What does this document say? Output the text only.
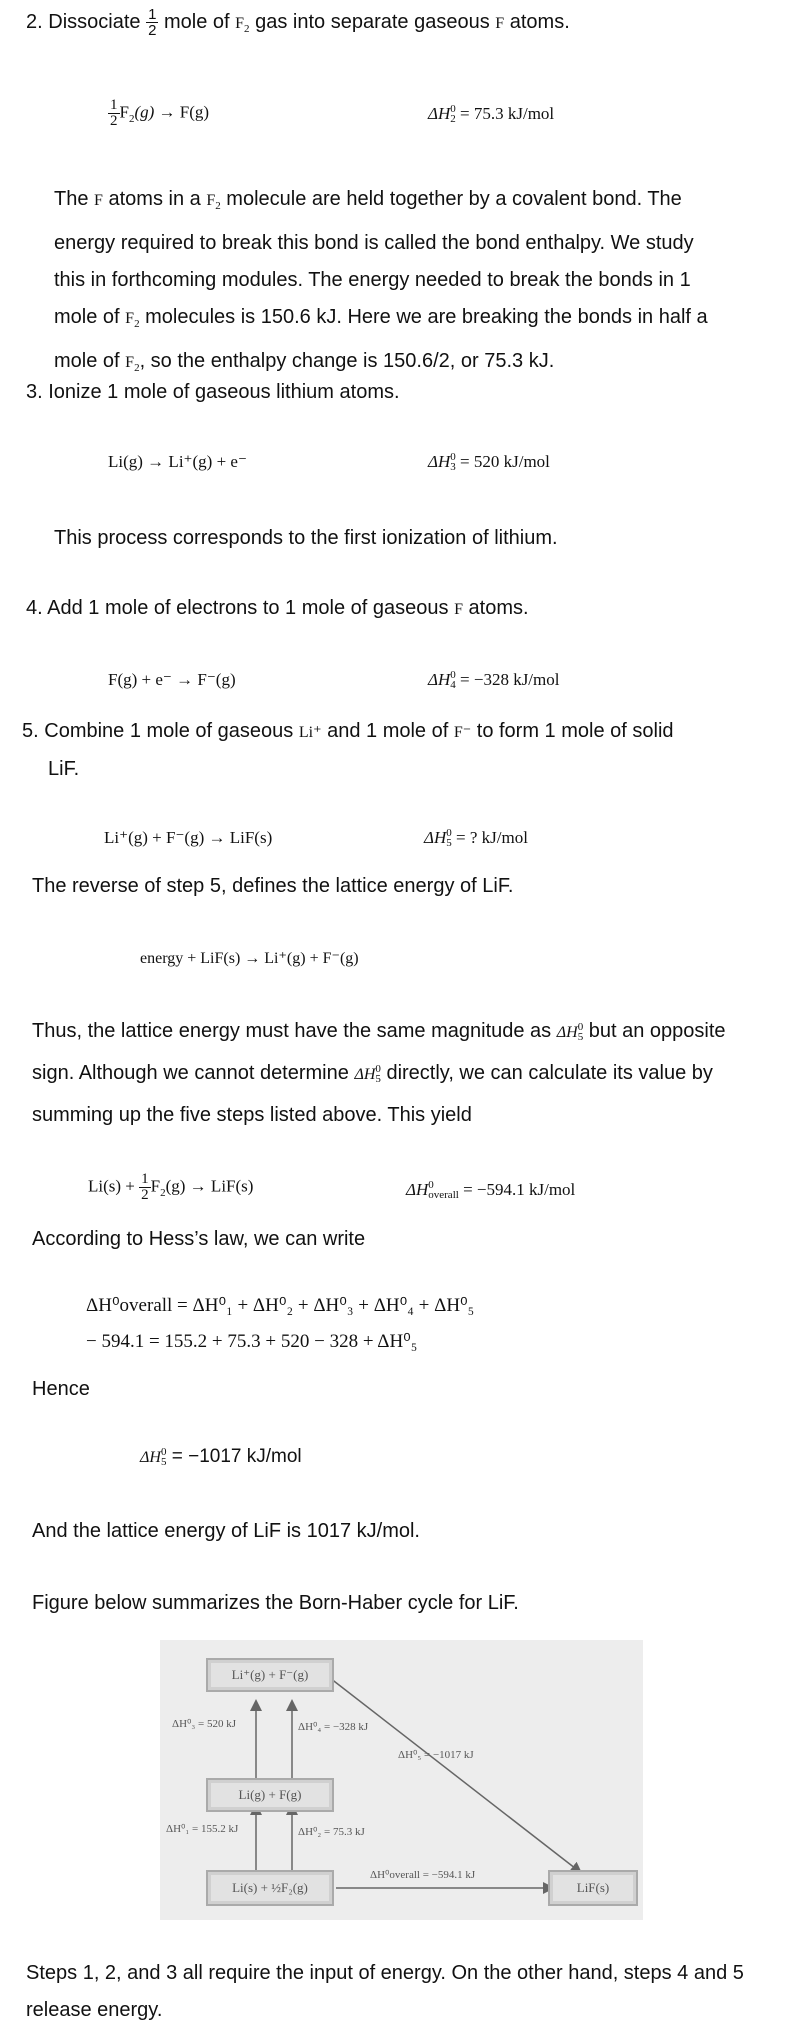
2. Dissociate $\frac{1}{2}$ mole of $F_2$ gas into separate gaseous F atoms.
$\frac{1}{2} F_2(g) \to F(g)$	ΔH 0
2 = 75.3 kJ/mol
The F atoms in a $F_2$ molecule are held together by a covalent bond. The
energy required to break this bond is called the bond enthalpy. We study
this in forthcoming modules. The energy needed to break the bonds in 1
mole of $F_2$ molecules is 150.6 kJ. Here we are breaking the bonds in half a
mole of $F_2$, so the enthalpy change is 150.6/2, or 75.3 kJ.
3. Ionize 1 mole of gaseous lithium atoms.
Li(g) → Li⁺(g) + e⁻	ΔH 0
3 = 520 kJ/mol
This process corresponds to the first ionization of lithium.
4. Add 1 mole of electrons to 1 mole of gaseous F atoms.
F(g) + e⁻ → F⁻(g)	ΔH 0
4 = −328 kJ/mol
5. Combine 1 mole of gaseous Li⁺ and 1 mole of F⁻ to form 1 mole of solid
LiF.
Li⁺(g) + F⁻(g) → LiF(s)	ΔH 0
5 = ? kJ/mol
The reverse of step 5, defines the lattice energy of LiF.
energy + LiF(s) → Li⁺(g) + F⁻(g)
Thus, the lattice energy must have the same magnitude as ΔH 0
5 but an opposite
sign. Although we cannot determine ΔH 0
5 directly, we can calculate its value by
summing up the five steps listed above. This yield
$Li(s) + \frac{1}{2} F_2(g) \to LiF(s)$	ΔH 0
overall = −594.1 kJ/mol
According to Hess’s law, we can write
ΔH⁰overall = ΔH⁰₁ + ΔH⁰₂ + ΔH⁰₃ + ΔH⁰₄ + ΔH⁰₅
− 594.1 = 155.2 + 75.3 + 520 − 328 + ΔH⁰₅
Hence
ΔH 0
5 = −1017 kJ/mol
And the lattice energy of LiF is 1017 kJ/mol.
Figure below summarizes the Born-Haber cycle for LiF.
Li⁺(g) + F⁻(g)
Li(g) + F(g)
Li(s) + ½F₂(g)	LiF(s)
ΔH⁰₃ = 520 kJ	ΔH⁰₄ = −328 kJ
ΔH⁰₅ = −1017 kJ
ΔH⁰₁ = 155.2 kJ	ΔH⁰₂ = 75.3 kJ
ΔH⁰overall = −594.1 kJ
Steps 1, 2, and 3 all require the input of energy. On the other hand, steps 4 and 5
release energy.
